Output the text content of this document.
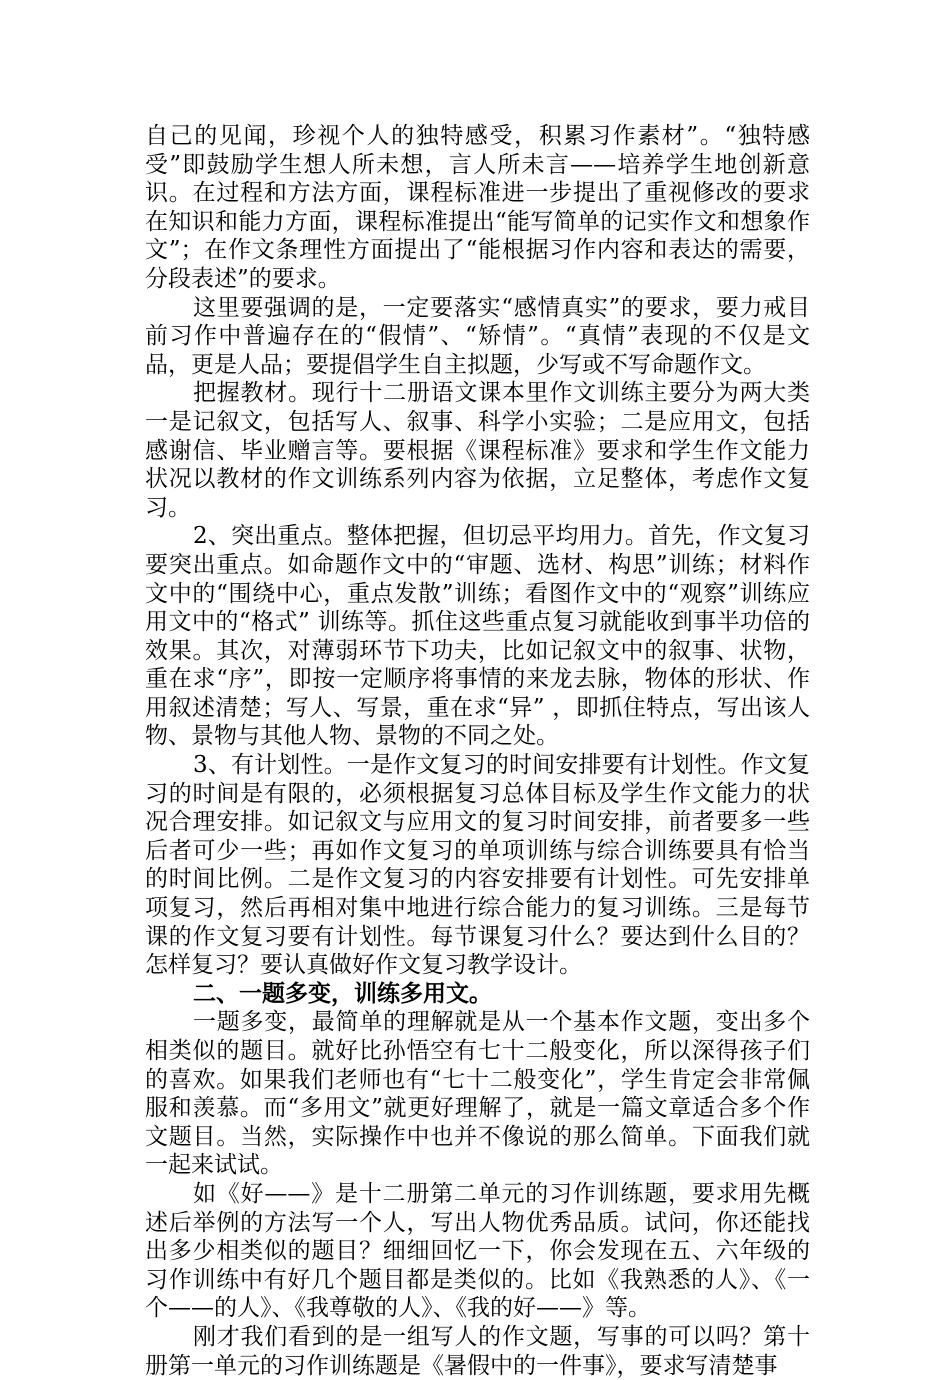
自己的见闻，珍视个人的独特感受，积累习作素材”。“独特感受”即鼓励学生想人所未想，言人所未言——培养学生地创新意识。在过程和方法方面，课程标准进一步提出了重视修改的要求在知识和能力方面，课程标准提出“能写简单的记实作文和想象作文”；在作文条理性方面提出了“能根据习作内容和表达的需要，分段表述”的要求。

这里要强调的是，一定要落实“感情真实”的要求，要力戒目前习作中普遍存在的“假情”、“矫情”。“真情”表现的不仅是文品，更是人品；要提倡学生自主拟题，少写或不写命题作文。

把握教材。现行十二册语文课本里作文训练主要分为两大类一是记叙文，包括写人、叙事、科学小实验；二是应用文，包括感谢信、毕业赠言等。要根据《课程标准》要求和学生作文能力状况以教材的作文训练系列内容为依据，立足整体，考虑作文复习。

2、突出重点。整体把握，但切忌平均用力。首先，作文复习要突出重点。如命题作文中的“审题、选材、构思”训练；材料作文中的“围绕中心，重点发散”训练；看图作文中的“观察”训练应用文中的“格式” 训练等。抓住这些重点复习就能收到事半功倍的效果。其次，对薄弱环节下功夫，比如记叙文中的叙事、状物，重在求“序”，即按一定顺序将事情的来龙去脉，物体的形状、作用叙述清楚；写人、写景，重在求“异” ，即抓住特点，写出该人物、景物与其他人物、景物的不同之处。

3、有计划性。一是作文复习的时间安排要有计划性。作文复习的时间是有限的，必须根据复习总体目标及学生作文能力的状况合理安排。如记叙文与应用文的复习时间安排，前者要多一些后者可少一些；再如作文复习的单项训练与综合训练要具有恰当的时间比例。二是作文复习的内容安排要有计划性。可先安排单项复习，然后再相对集中地进行综合能力的复习训练。三是每节课的作文复习要有计划性。每节课复习什么？要达到什么目的？怎样复习？要认真做好作文复习教学设计。

二、一题多变，训练多用文。

一题多变，最简单的理解就是从一个基本作文题，变出多个相类似的题目。就好比孙悟空有七十二般变化，所以深得孩子们的喜欢。如果我们老师也有“七十二般变化”，学生肯定会非常佩服和羡慕。而“多用文”就更好理解了，就是一篇文章适合多个作文题目。当然，实际操作中也并不像说的那么简单。下面我们就一起来试试。

如《好——》是十二册第二单元的习作训练题，要求用先概述后举例的方法写一个人，写出人物优秀品质。试问，你还能找出多少相类似的题目？细细回忆一下，你会发现在五、六年级的习作训练中有好几个题目都是类似的。比如《我熟悉的人》、《一个——的人》、《我尊敬的人》、《我的好——》等。

刚才我们看到的是一组写人的作文题，写事的可以吗？第十册第一单元的习作训练题是《暑假中的一件事》，要求写清楚事
